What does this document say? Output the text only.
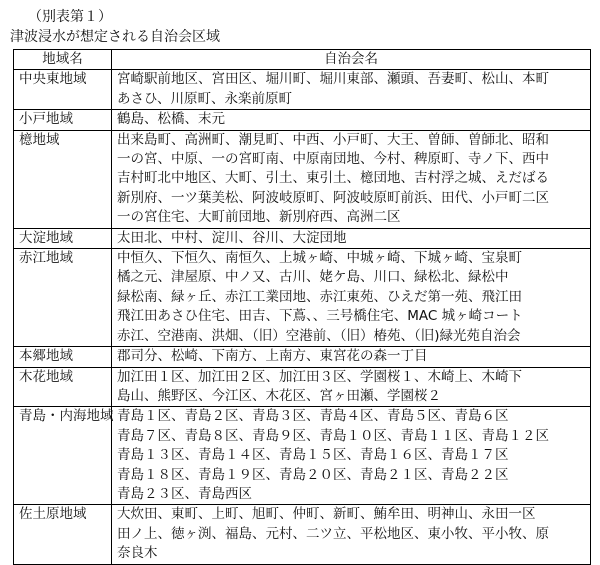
（別表第１）
津波浸水が想定される自治会区域
地域名	自治会名
中央東地域	宮崎駅前地区、宮田区、堀川町、堀川東部、瀬頭、吾妻町、松山、本町
あさひ、川原町、永楽前原町

小戸地域	鶴島、松橋、末元

檍地域	出来島町、高洲町、潮見町、中西、小戸町、大王、曽師、曽師北、昭和
一の宮、中原、一の宮町南、中原南団地、今村、稗原町、寺ノ下、西中
吉村町北中地区、大町、引土、東引土、檍団地、吉村浮之城、えだばる
新別府、一ツ葉美松、阿波岐原町、阿波岐原町前浜、田代、小戸町二区
一の宮住宅、大町前団地、新別府西、高洲二区

大淀地域	太田北、中村、淀川、谷川、大淀団地

赤江地域	中恒久、下恒久、南恒久、上城ヶ崎、中城ヶ崎、下城ヶ崎、宝泉町
橘之元、津屋原、中ノ又、古川、姥ケ島、川口、緑松北、緑松中
緑松南、緑ヶ丘、赤江工業団地、赤江東苑、ひえだ第一苑、飛江田
飛江田あさひ住宅、田吉、下蔦、、三号橋住宅、MAC 城ヶ崎コート
赤江、空港南、洪畑、（旧）空港前、（旧）椿苑、（旧)緑光苑自治会

本郷地域	郡司分、松崎、下南方、上南方、東宮花の森一丁目

木花地域	加江田１区、加江田２区、加江田３区、学園桜１、木崎上、木崎下
島山、熊野区、今江区、木花区、宮ヶ田瀬、学園桜２

青島・内海地域	青島１区、青島２区、青島３区、青島４区、青島５区、青島６区
青島７区、青島８区、青島９区、青島１０区、青島１１区、青島１２区
青島１３区、青島１４区、青島１５区、青島１６区、青島１７区
青島１８区、青島１９区、青島２０区、青島２１区、青島２２区
青島２３区、青島西区

佐土原地域	大炊田、東町、上町、旭町、仲町、新町、鮪牟田、明神山、永田一区
田ノ上、徳ヶ渕、福島、元村、二ツ立、平松地区、東小牧、平小牧、原
奈良木
